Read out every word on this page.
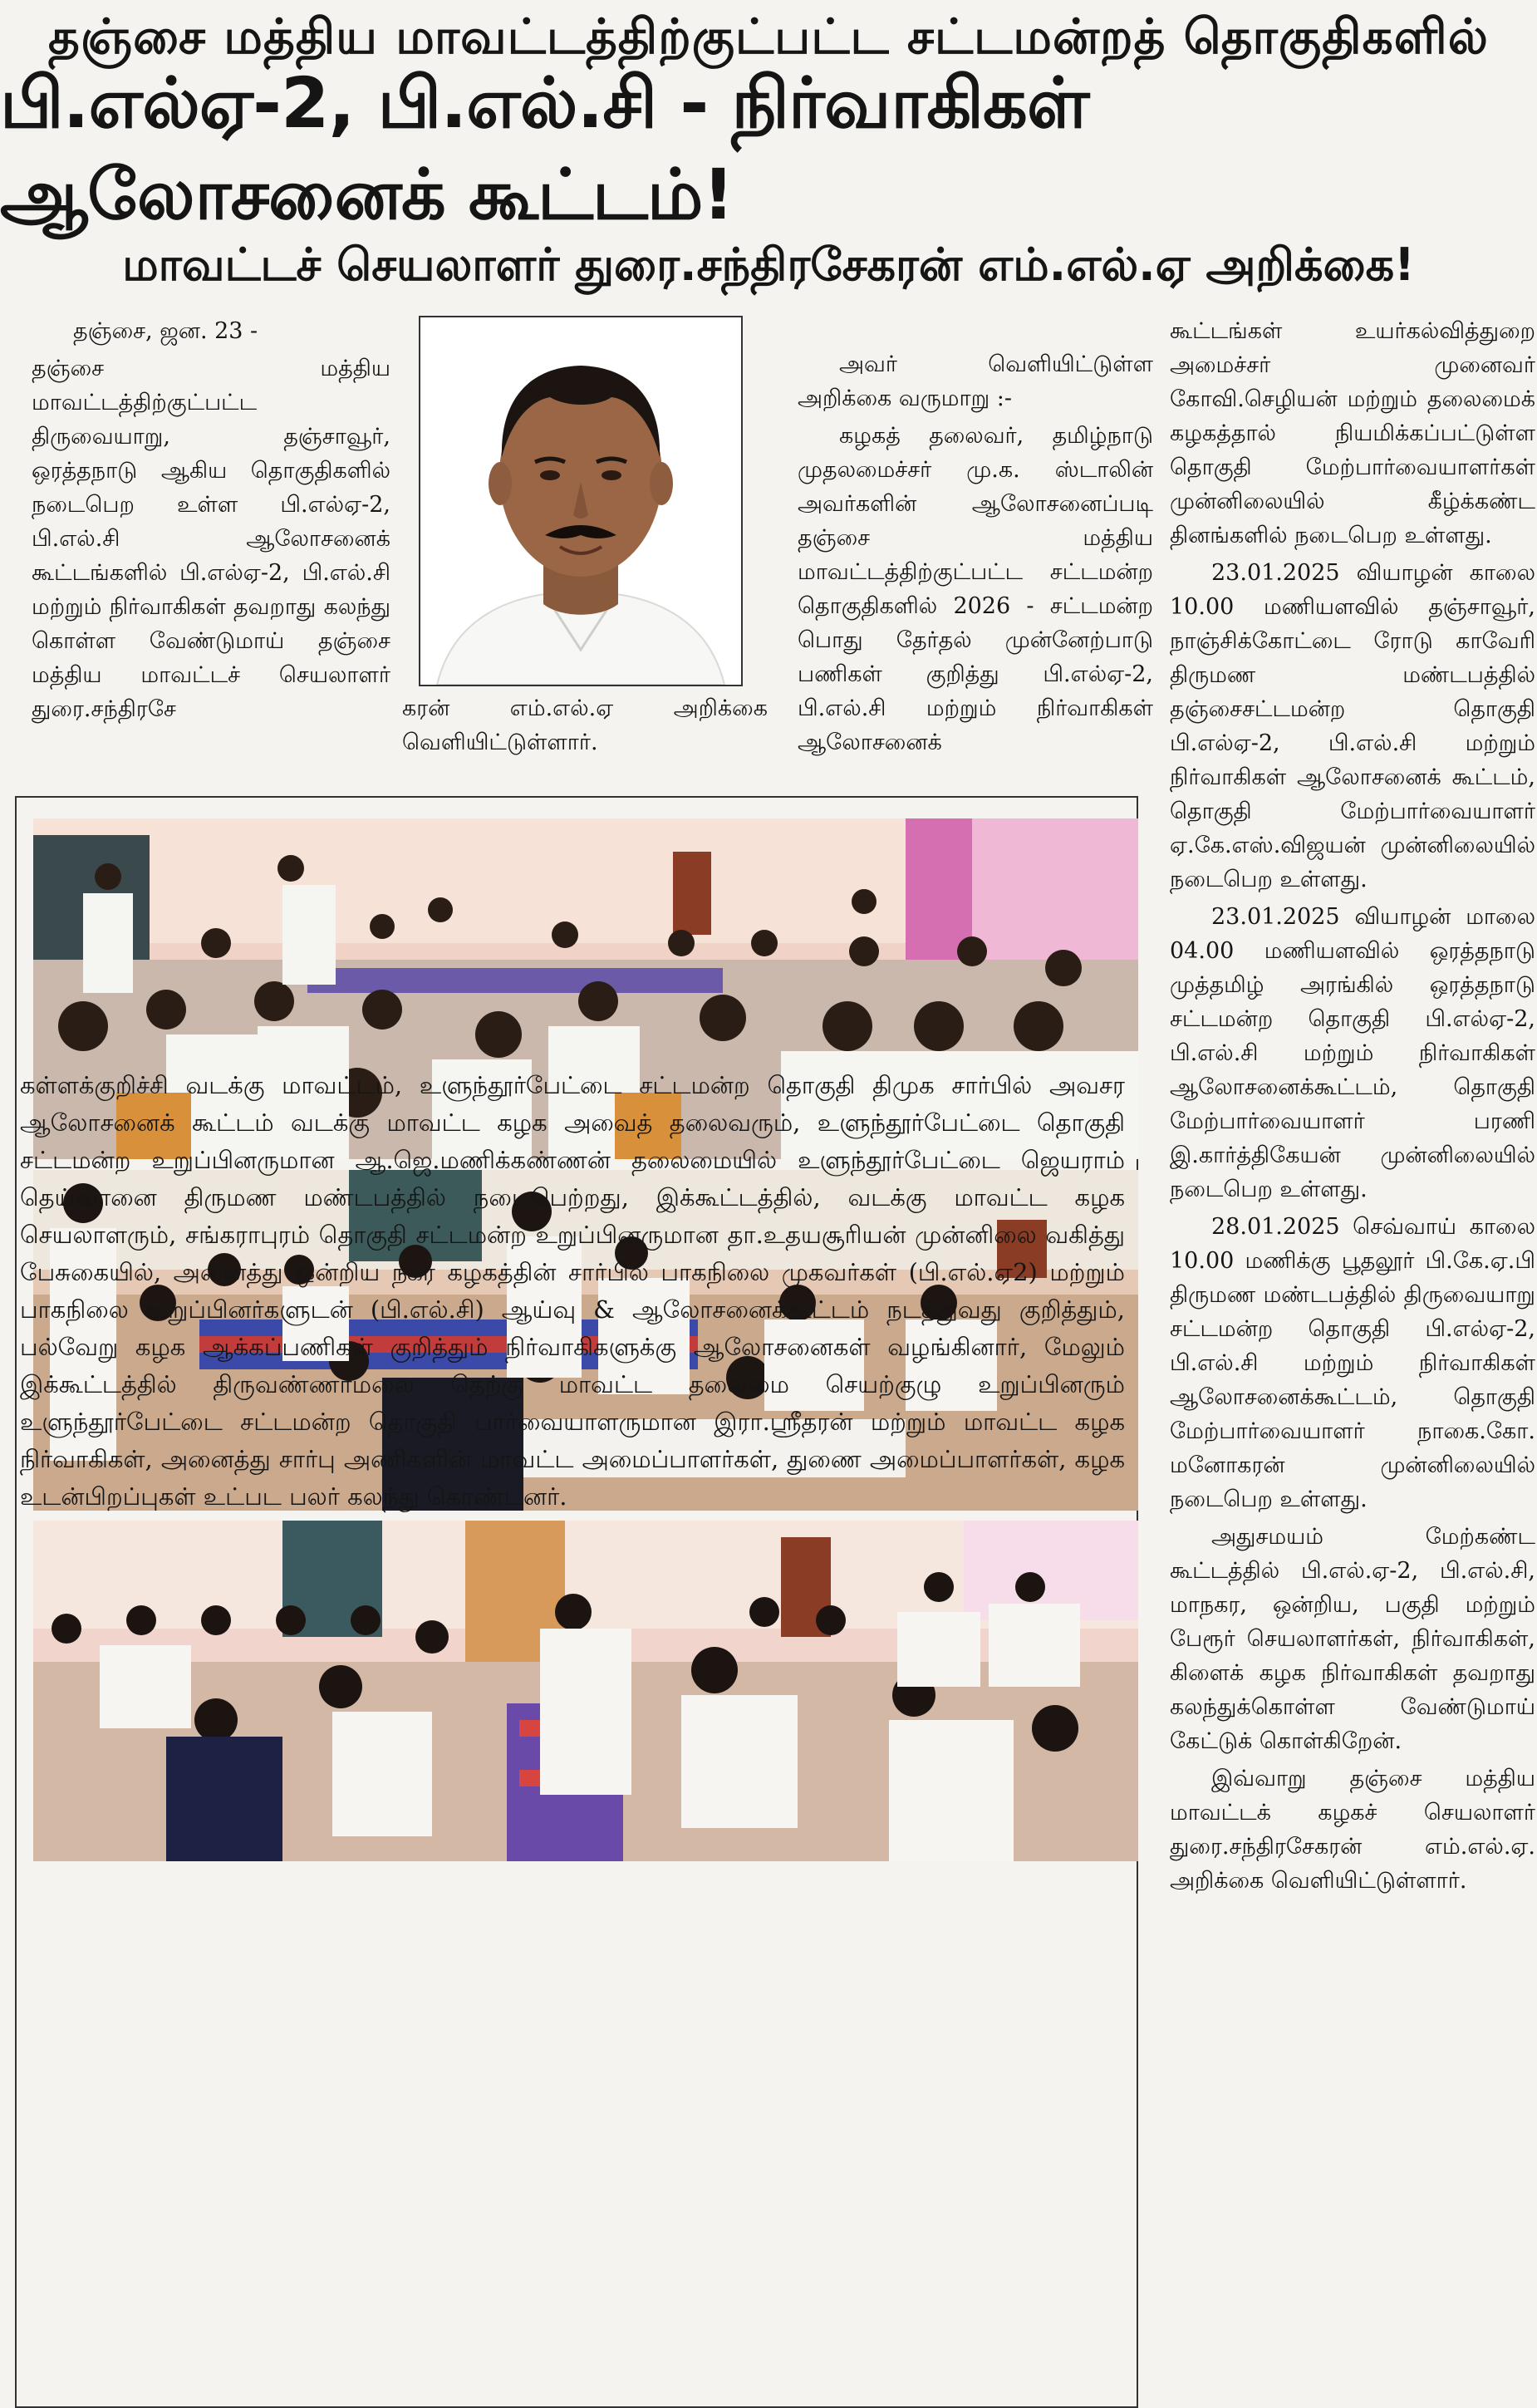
தஞ்சை மத்திய மாவட்டத்திற்குட்பட்ட சட்டமன்றத் தொகுதிகளில்
பி.எல்ஏ-2, பி.எல்.சி - நிர்வாகிகள் ஆலோசனைக் கூட்டம்!
மாவட்டச் செயலாளர் துரை.சந்திரசேகரன் எம்.எல்.ஏ அறிக்கை!

தஞ்சை, ஜன. 23 -

தஞ்சை மத்திய மாவட்டத்திற்குட்பட்ட திருவையாறு, தஞ்சாவூர், ஒரத்தநாடு ஆகிய தொகுதிகளில் நடைபெற உள்ள பி.எல்ஏ-2, பி.எல்.சி ஆலோசனைக் கூட்டங்களில் பி.எல்ஏ-2, பி.எல்.சி மற்றும் நிர்வாகிகள் தவறாது கலந்து கொள்ள வேண்டுமாய் தஞ்சை மத்திய மாவட்டச் செயலாளர் துரை.சந்திரசே	கரன் எம்.எல்.ஏ அறிக்கை வெளியிட்டுள்ளார்.

அவர் வெளியிட்டுள்ள அறிக்கை வருமாறு :-

கழகத் தலைவர், தமிழ்நாடு முதலமைச்சர் மு.க. ஸ்டாலின் அவர்களின் ஆலோசனைப்படி தஞ்சை மத்திய மாவட்டத்திற்குட்பட்ட சட்டமன்ற தொகுதிகளில் 2026 - சட்டமன்ற பொது தேர்தல் முன்னேற்பாடு பணிகள் குறித்து பி.எல்ஏ-2, பி.எல்.சி மற்றும் நிர்வாகிகள் ஆலோசனைக்

கள்ளக்குறிச்சி வடக்கு மாவட்டம், உளுந்தூர்பேட்டை சட்டமன்ற தொகுதி திமுக சார்பில் அவசர ஆலோசனைக் கூட்டம் வடக்கு மாவட்ட கழக அவைத் தலைவரும், உளுந்தூர்பேட்டை தொகுதி சட்டமன்ற உறுப்பினருமான ஆ.ஜெ.மணிக்கண்ணன் தலைமையில் உளுந்தூர்பேட்டை ஜெயராம் தெய்வானை திருமண மண்டபத்தில் நடைபெற்றது, இக்கூட்டத்தில், வடக்கு மாவட்ட கழக செயலாளரும், சங்கராபுரம் தொகுதி சட்டமன்ற உறுப்பினருமான தா.உதயசூரியன் முன்னிலை வகித்து பேசுகையில், அனைத்து ஒன்றிய நகர கழகத்தின் சார்பில் பாகநிலை முகவர்கள் (பி.எல்.ஏ2) மற்றும் பாகநிலை உறுப்பினர்களுடன் (பி.எல்.சி) ஆய்வு & ஆலோசனைக்கூட்டம் நடத்துவது குறித்தும், பல்வேறு கழக ஆக்கப்பணிகள் குறித்தும் நிர்வாகிகளுக்கு ஆலோசனைகள் வழங்கினார், மேலும் இக்கூட்டத்தில் திருவண்ணாமலை தெற்கு மாவட்ட தலைமை செயற்குழு உறுப்பினரும் உளுந்தூர்பேட்டை சட்டமன்ற தொகுதி பார்வையாளருமான இரா.ஸ்ரீதரன் மற்றும் மாவட்ட கழக நிர்வாகிகள், அனைத்து சார்பு அணிகளின் மாவட்ட அமைப்பாளர்கள், துணை அமைப்பாளர்கள், கழக உடன்பிறப்புகள் உட்பட பலர் கலந்து கொண்டனர்.

கூட்டங்கள் உயர்கல்வித்துறை அமைச்சர் முனைவர் கோவி.செழியன் மற்றும் தலைமைக் கழகத்தால் நியமிக்கப்பட்டுள்ள தொகுதி மேற்பார்வையாளர்கள் முன்னிலையில் கீழ்க்கண்ட தினங்களில் நடைபெற உள்ளது.

23.01.2025 வியாழன் காலை 10.00 மணியளவில் தஞ்சாவூர், நாஞ்சிக்கோட்டை ரோடு காவேரி திருமண மண்டபத்தில் தஞ்சைசட்டமன்ற தொகுதி பி.எல்ஏ-2, பி.எல்.சி மற்றும் நிர்வாகிகள் ஆலோசனைக் கூட்டம், தொகுதி மேற்பார்வையாளர் ஏ.கே.எஸ்.விஜயன் முன்னிலையில் நடைபெற உள்ளது.

23.01.2025 வியாழன் மாலை 04.00 மணியளவில் ஒரத்தநாடு முத்தமிழ் அரங்கில் ஒரத்தநாடு சட்டமன்ற தொகுதி பி.எல்ஏ-2, பி.எல்.சி மற்றும் நிர்வாகிகள் ஆலோசனைக்கூட்டம், தொகுதி மேற்பார்வையாளர் பரணி இ.கார்த்திகேயன் முன்னிலையில் நடைபெற உள்ளது.

28.01.2025 செவ்வாய் காலை 10.00 மணிக்கு பூதலூர் பி.கே.ஏ.பி திருமண மண்டபத்தில் திருவையாறு சட்டமன்ற தொகுதி பி.எல்ஏ-2, பி.எல்.சி மற்றும் நிர்வாகிகள் ஆலோசனைக்கூட்டம், தொகுதி மேற்பார்வையாளர் நாகை.கோ. மனோகரன் முன்னிலையில் நடைபெற உள்ளது.

அதுசமயம் மேற்கண்ட கூட்டத்தில் பி.எல்.ஏ-2, பி.எல்.சி, மாநகர, ஒன்றிய, பகுதி மற்றும் பேரூர் செயலாளர்கள், நிர்வாகிகள், கிளைக் கழக நிர்வாகிகள் தவறாது கலந்துக்கொள்ள வேண்டுமாய் கேட்டுக் கொள்கிறேன்.

இவ்வாறு தஞ்சை மத்திய மாவட்டக் கழகச் செயலாளர் துரை.சந்திரசேகரன் எம்.எல்.ஏ. அறிக்கை வெளியிட்டுள்ளார்.
